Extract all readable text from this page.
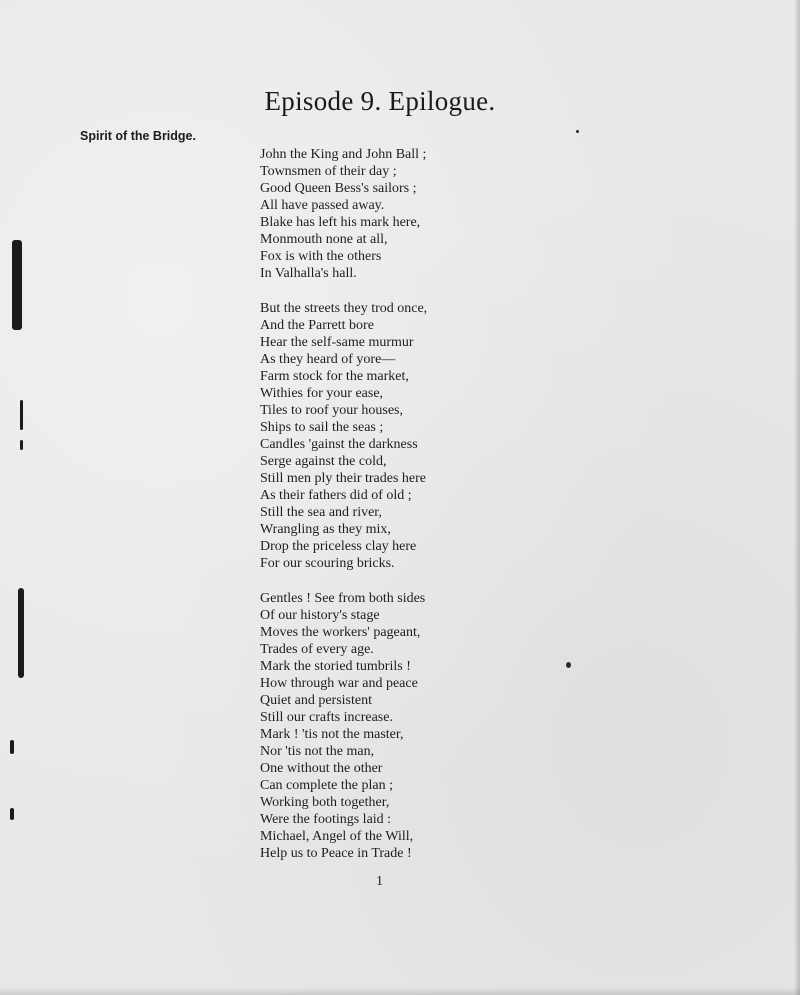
Episode 9. Epilogue.
Spirit of the Bridge.
John the King and John Ball ;
Townsmen of their day ;
Good Queen Bess's sailors ;
All have passed away.
Blake has left his mark here,
Monmouth none at all,
Fox is with the others
In Valhalla's hall.
But the streets they trod once,
And the Parrett bore
Hear the self-same murmur
As they heard of yore—
Farm stock for the market,
Withies for your ease,
Tiles to roof your houses,
Ships to sail the seas ;
Candles 'gainst the darkness
Serge against the cold,
Still men ply their trades here
As their fathers did of old ;
Still the sea and river,
Wrangling as they mix,
Drop the priceless clay here
For our scouring bricks.
Gentles ! See from both sides
Of our history's stage
Moves the workers' pageant,
Trades of every age.
Mark the storied tumbrils !
How through war and peace
Quiet and persistent
Still our crafts increase.
Mark ! 'tis not the master,
Nor 'tis not the man,
One without the other
Can complete the plan ;
Working both together,
Were the footings laid :
Michael, Angel of the Will,
Help us to Peace in Trade !
1
